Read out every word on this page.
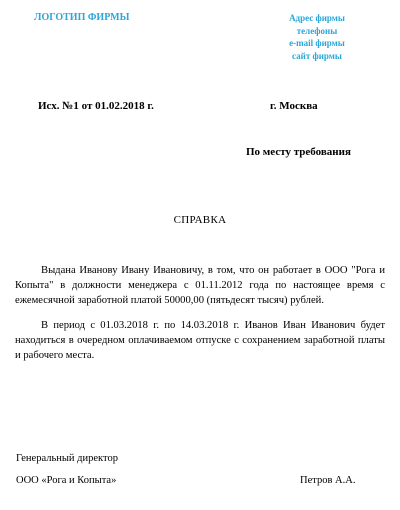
ЛОГОТИП ФИРМЫ	Адрес фирмы
телефоны
e-mail фирмы
сайт фирмы
Исх. №1 от 01.02.2018 г.	г. Москва
По месту требования
СПРАВКА

Выдана Иванову Ивану Ивановичу, в том, что он работает в ООО "Рога и Копыта" в должности менеджера с 01.11.2012 года по настоящее время с ежемесячной заработной платой 50000,00 (пятьдесят тысяч) рублей.

В период с 01.03.2018 г. по 14.03.2018 г. Иванов Иван Иванович будет находиться в очередном оплачиваемом отпуске с сохранением заработной платы и рабочего места.

Генеральный директор
ООО «Рога и Копыта»	Петров А.А.
